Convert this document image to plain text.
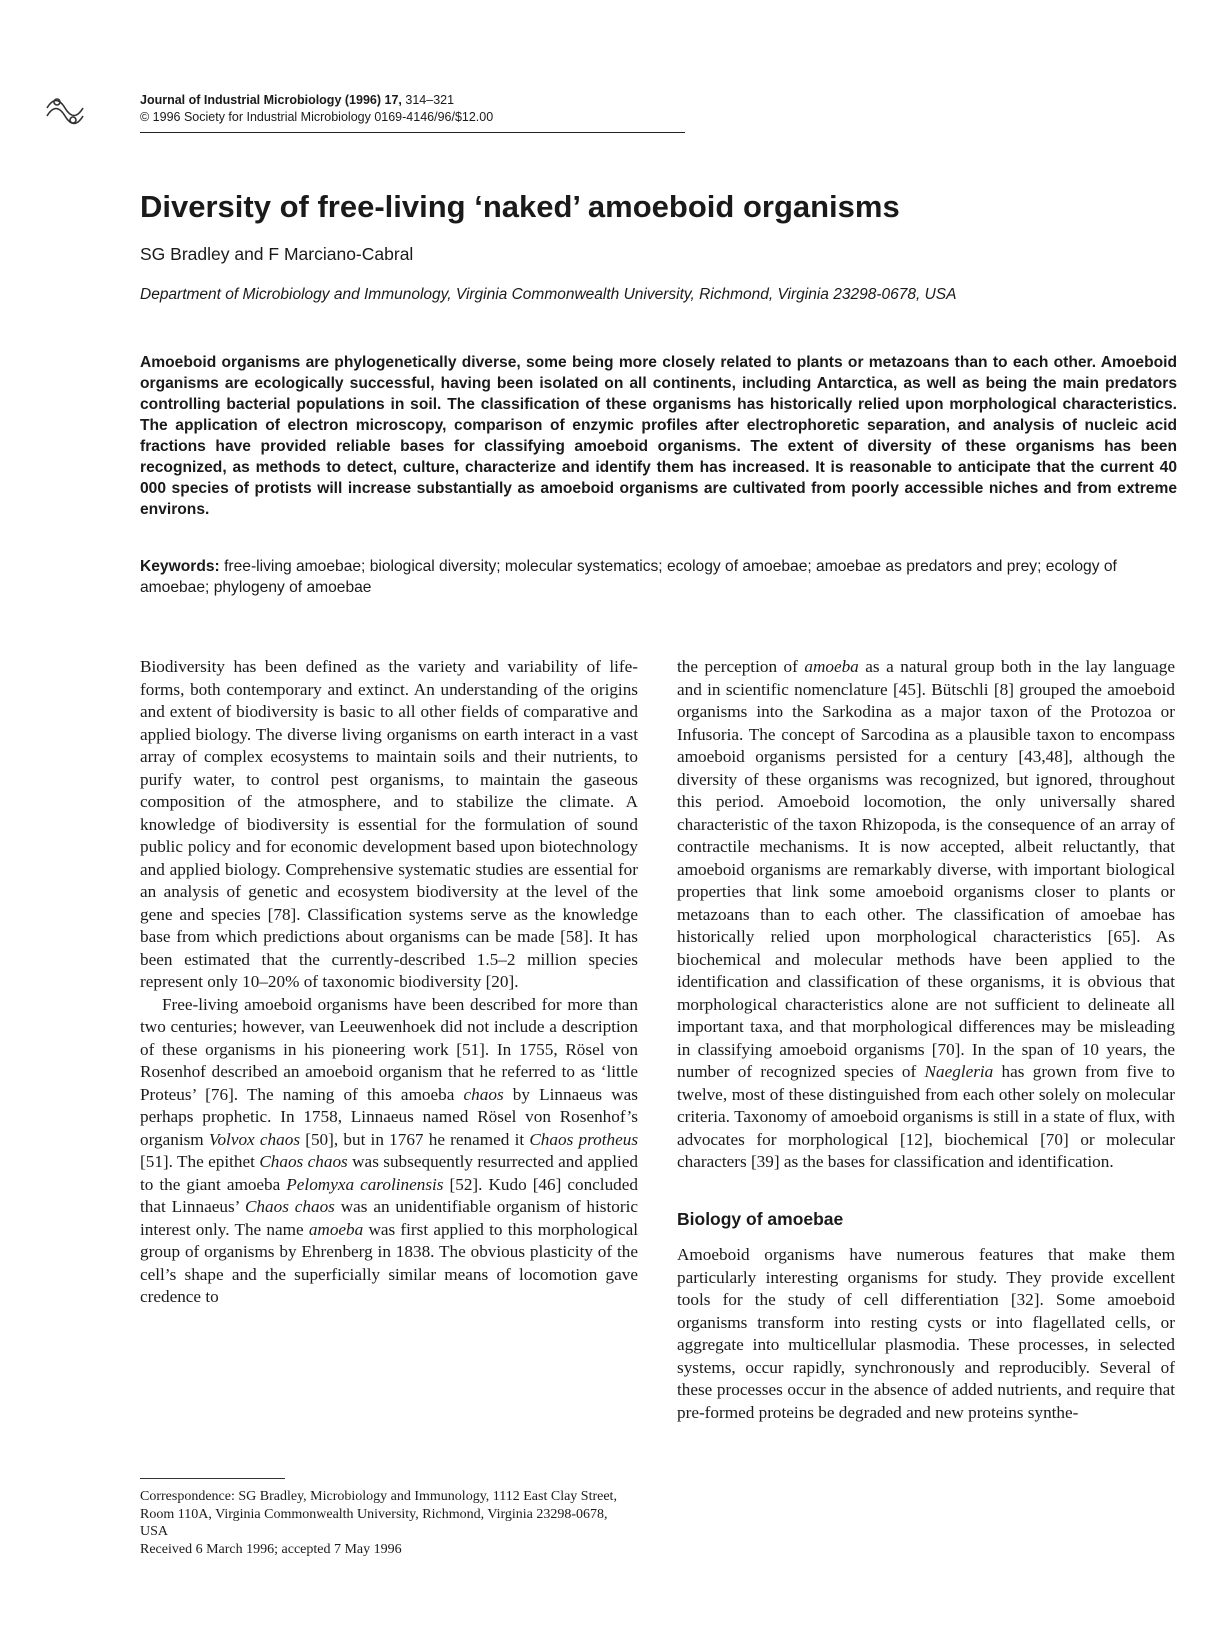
Journal of Industrial Microbiology (1996) 17, 314–321
© 1996 Society for Industrial Microbiology 0169-4146/96/$12.00
Diversity of free-living ‘naked’ amoeboid organisms
SG Bradley and F Marciano-Cabral
Department of Microbiology and Immunology, Virginia Commonwealth University, Richmond, Virginia 23298-0678, USA

Amoeboid organisms are phylogenetically diverse, some being more closely related to plants or metazoans than to each other. Amoeboid organisms are ecologically successful, having been isolated on all continents, including Antarctica, as well as being the main predators controlling bacterial populations in soil. The classification of these organisms has historically relied upon morphological characteristics. The application of electron microscopy, comparison of enzymic profiles after electrophoretic separation, and analysis of nucleic acid fractions have provided reliable bases for classifying amoeboid organisms. The extent of diversity of these organisms has been recognized, as methods to detect, culture, characterize and identify them has increased. It is reasonable to anticipate that the current 40 000 species of protists will increase substantially as amoeboid organisms are cultivated from poorly accessible niches and from extreme environs.

Keywords: free-living amoebae; biological diversity; molecular systematics; ecology of amoebae; amoebae as predators and prey; ecology of amoebae; phylogeny of amoebae

Biodiversity has been defined as the variety and variability of life-forms, both contemporary and extinct. An understanding of the origins and extent of biodiversity is basic to all other fields of comparative and applied biology. The diverse living organisms on earth interact in a vast array of complex ecosystems to maintain soils and their nutrients, to purify water, to control pest organisms, to maintain the gaseous composition of the atmosphere, and to stabilize the climate. A knowledge of biodiversity is essential for the formulation of sound public policy and for economic development based upon biotechnology and applied biology. Comprehensive systematic studies are essential for an analysis of genetic and ecosystem biodiversity at the level of the gene and species [78]. Classification systems serve as the knowledge base from which predictions about organisms can be made [58]. It has been estimated that the currently-described 1.5–2 million species represent only 10–20% of taxonomic biodiversity [20].

Free-living amoeboid organisms have been described for more than two centuries; however, van Leeuwenhoek did not include a description of these organisms in his pioneering work [51]. In 1755, Rösel von Rosenhof described an amoeboid organism that he referred to as ‘little Proteus’ [76]. The naming of this amoeba chaos by Linnaeus was perhaps prophetic. In 1758, Linnaeus named Rösel von Rosenhof’s organism Volvox chaos [50], but in 1767 he renamed it Chaos protheus [51]. The epithet Chaos chaos was subsequently resurrected and applied to the giant amoeba Pelomyxa carolinensis [52]. Kudo [46] concluded that Linnaeus’ Chaos chaos was an unidentifiable organism of historic interest only. The name amoeba was first applied to this morphological group of organisms by Ehrenberg in 1838. The obvious plasticity of the cell’s shape and the superficially similar means of locomotion gave credence to

the perception of amoeba as a natural group both in the lay language and in scientific nomenclature [45]. Bütschli [8] grouped the amoeboid organisms into the Sarkodina as a major taxon of the Protozoa or Infusoria. The concept of Sarcodina as a plausible taxon to encompass amoeboid organisms persisted for a century [43,48], although the diversity of these organisms was recognized, but ignored, throughout this period. Amoeboid locomotion, the only universally shared characteristic of the taxon Rhizopoda, is the consequence of an array of contractile mechanisms. It is now accepted, albeit reluctantly, that amoeboid organisms are remarkably diverse, with important biological properties that link some amoeboid organisms closer to plants or metazoans than to each other. The classification of amoebae has historically relied upon morphological characteristics [65]. As biochemical and molecular methods have been applied to the identification and classification of these organisms, it is obvious that morphological characteristics alone are not sufficient to delineate all important taxa, and that morphological differences may be misleading in classifying amoeboid organisms [70]. In the span of 10 years, the number of recognized species of Naegleria has grown from five to twelve, most of these distinguished from each other solely on molecular criteria. Taxonomy of amoeboid organisms is still in a state of flux, with advocates for morphological [12], biochemical [70] or molecular characters [39] as the bases for classification and identification.

Biology of amoebae

Amoeboid organisms have numerous features that make them particularly interesting organisms for study. They provide excellent tools for the study of cell differentiation [32]. Some amoeboid organisms transform into resting cysts or into flagellated cells, or aggregate into multicellular plasmodia. These processes, in selected systems, occur rapidly, synchronously and reproducibly. Several of these processes occur in the absence of added nutrients, and require that pre-formed proteins be degraded and new proteins synthe-

Correspondence: SG Bradley, Microbiology and Immunology, 1112 East Clay Street, Room 110A, Virginia Commonwealth University, Richmond, Virginia 23298-0678, USA

Received 6 March 1996; accepted 7 May 1996
